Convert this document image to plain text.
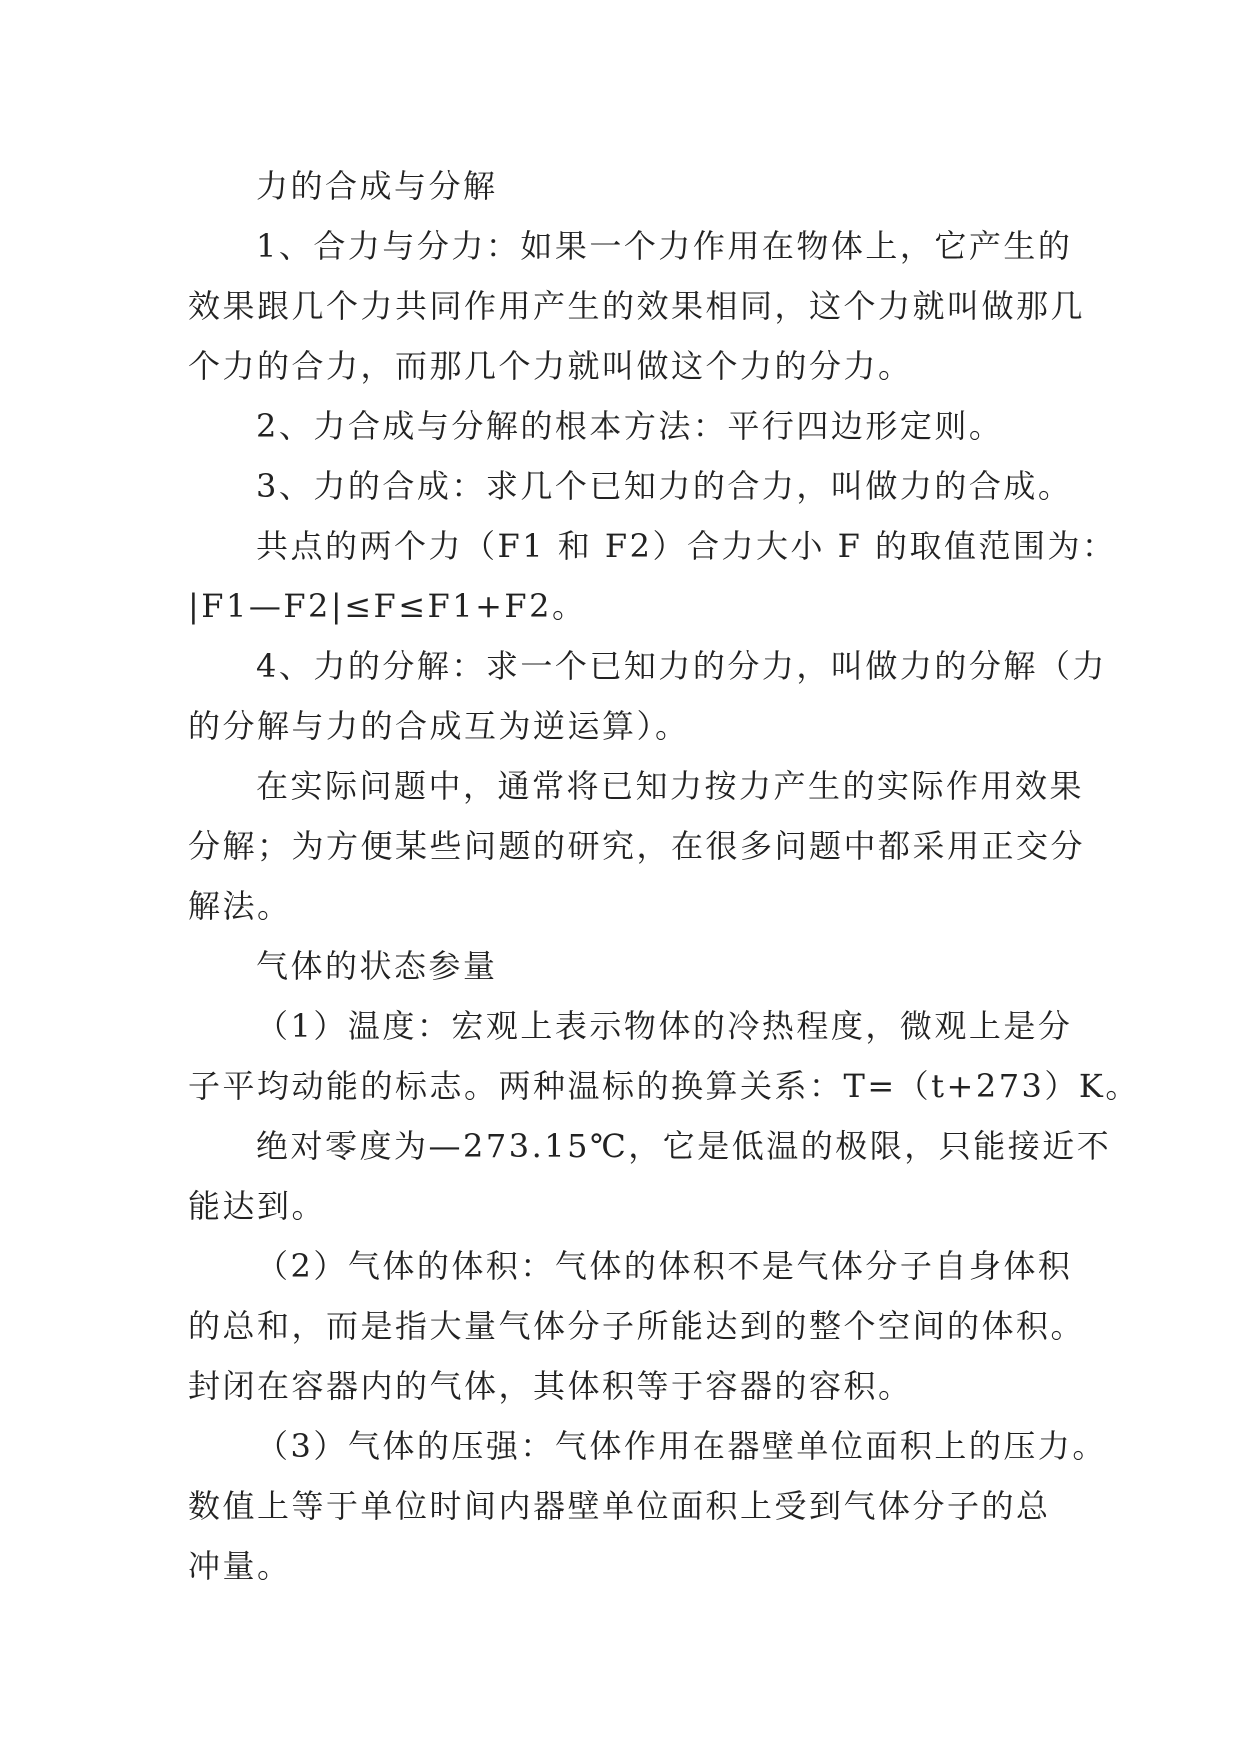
力的合成与分解

1、合力与分力：如果一个力作用在物体上，它产生的
效果跟几个力共同作用产生的效果相同，这个力就叫做那几
个力的合力，而那几个力就叫做这个力的分力。

2、力合成与分解的根本方法：平行四边形定则。

3、力的合成：求几个已知力的合力，叫做力的合成。

共点的两个力（F1 和 F2）合力大小 F 的取值范围为：
|F1—F2|≤F≤F1+F2。

4、力的分解：求一个已知力的分力，叫做力的分解（力
的分解与力的合成互为逆运算）。

在实际问题中，通常将已知力按力产生的实际作用效果
分解；为方便某些问题的研究，在很多问题中都采用正交分
解法。

气体的状态参量

（1）温度：宏观上表示物体的冷热程度，微观上是分
子平均动能的标志。两种温标的换算关系：T=（t+273）K。

绝对零度为—273.15℃，它是低温的极限，只能接近不
能达到。

（2）气体的体积：气体的体积不是气体分子自身体积
的总和，而是指大量气体分子所能达到的整个空间的体积。
封闭在容器内的气体，其体积等于容器的容积。

（3）气体的压强：气体作用在器壁单位面积上的压力。
数值上等于单位时间内器壁单位面积上受到气体分子的总
冲量。
